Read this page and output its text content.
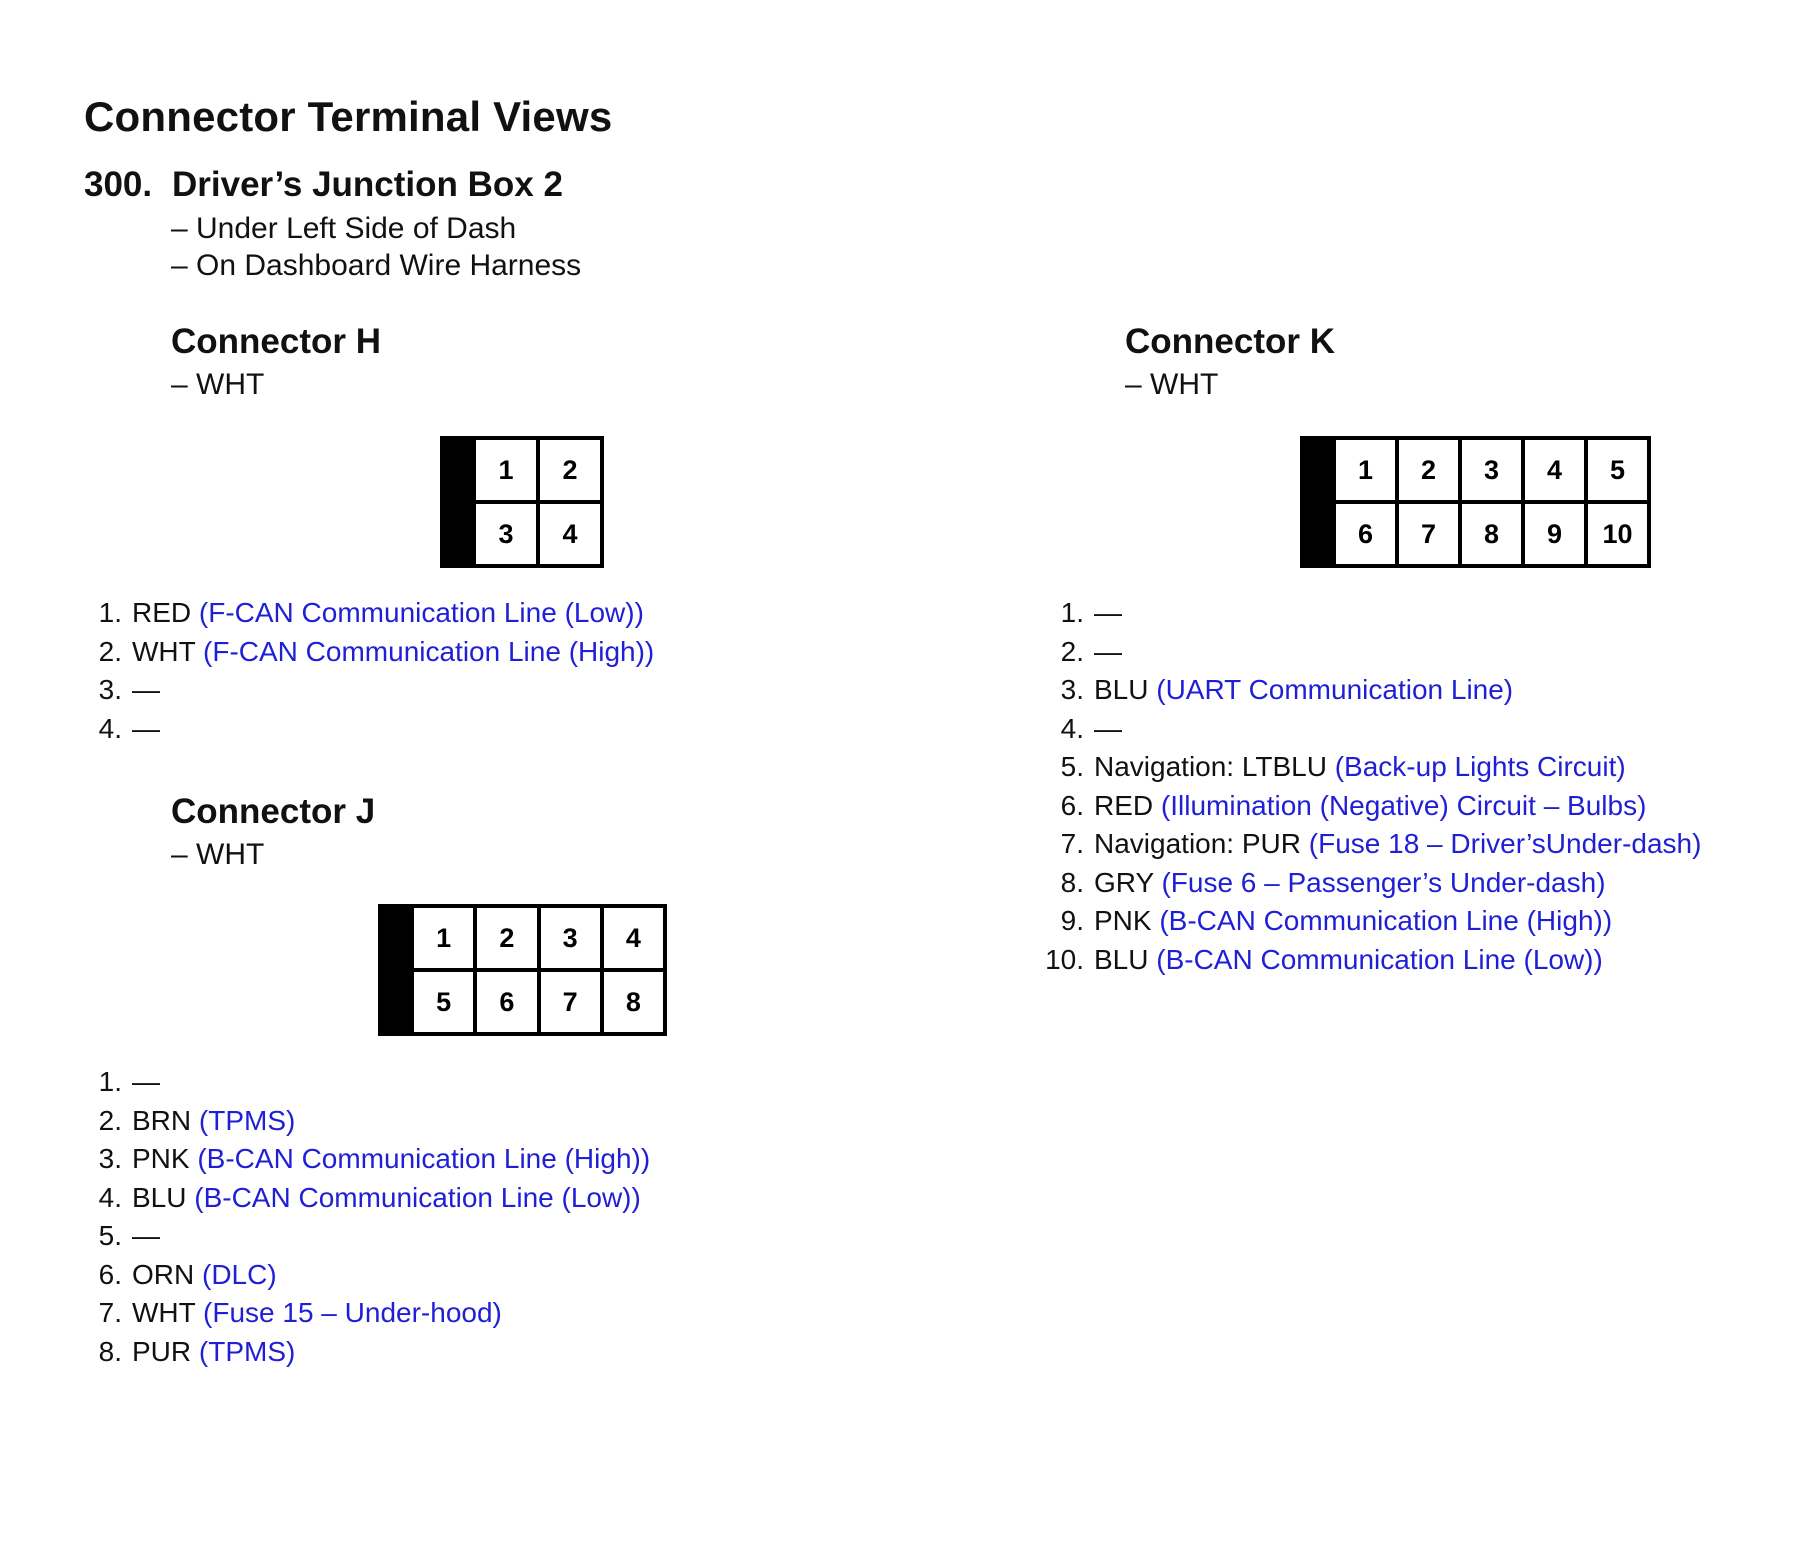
Connector Terminal Views
300. Driver’s Junction Box 2
– Under Left Side of Dash
– On Dashboard Wire Harness
Connector H
– WHT
1	2
3	4
1. RED (F-CAN Communication Line (Low))
2. WHT (F-CAN Communication Line (High))
3. —
4. —
Connector J
– WHT
1	2	3	4
5	6	7	8
1. —
2. BRN (TPMS)
3. PNK (B-CAN Communication Line (High))
4. BLU (B-CAN Communication Line (Low))
5. —
6. ORN (DLC)
7. WHT (Fuse 15 – Under-hood)
8. PUR (TPMS)
Connector K
– WHT
1	2	3	4	5
6	7	8	9	10
1. —
2. —
3. BLU (UART Communication Line)
4. —
5. Navigation: LTBLU (Back-up Lights Circuit)
6. RED (Illumination (Negative) Circuit – Bulbs)
7. Navigation: PUR (Fuse 18 – Driver’sUnder-dash)
8. GRY (Fuse 6 – Passenger’s Under-dash)
9. PNK (B-CAN Communication Line (High))
10. BLU (B-CAN Communication Line (Low))
